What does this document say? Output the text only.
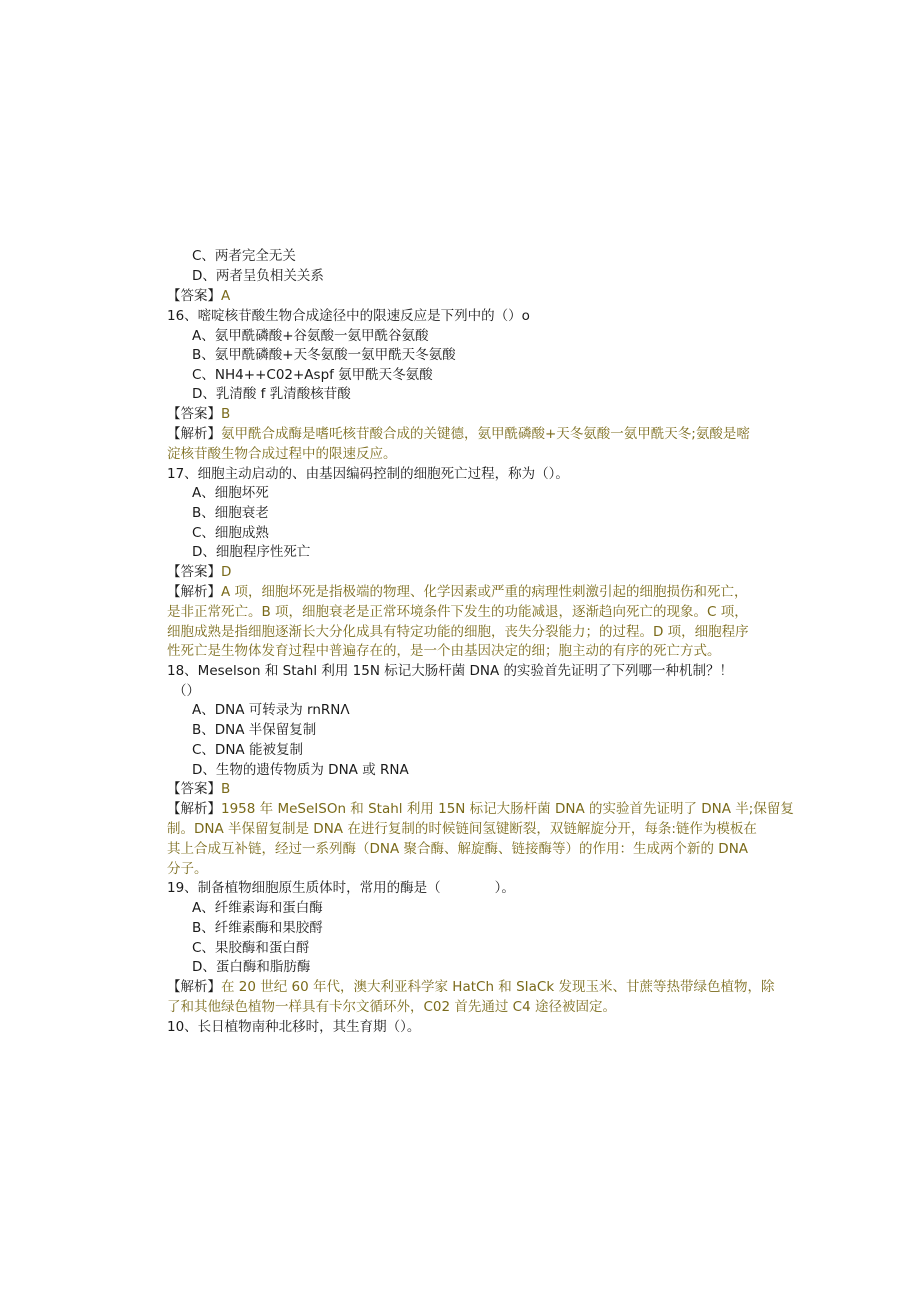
C、两者完全无关
D、两者呈负相关关系
【答案】A
16、嘧啶核苷酸生物合成途径中的限速反应是下列中的（）o
A、氨甲酰磷酸+谷氨酸一氨甲酰谷氨酸
B、氨甲酰磷酸+天冬氨酸一氨甲酰天冬氨酸
C、NH4++C02+Aspf 氨甲酰天冬氨酸
D、乳清酸 f 乳清酸核苷酸
【答案】B
【解析】氨甲酰合成酶是嗜吒核苷酸合成的关键德，氨甲酰磷酸+天冬氨酸一氨甲酰天冬;氨酸是嘧
淀核苷酸生物合成过程中的限速反应。
17、细胞主动启动的、由基因编码控制的细胞死亡过程，称为（）。
A、细胞坏死
B、细胞衰老
C、细胞成熟
D、细胞程序性死亡
【答案】D
【解析】A 项，细胞坏死是指极端的物理、化学因素或严重的病理性刺激引起的细胞损伤和死亡，
是非正常死亡。B 项，细胞衰老是正常环境条件下发生的功能减退，逐渐趋向死亡的现象。C 项，
细胞成熟是指细胞逐渐长大分化成具有特定功能的细胞，丧失分裂能力；的过程。D 项，细胞程序
性死亡是生物体发育过程中普遍存在的，是一个由基因决定的细；胞主动的有序的死亡方式。
18、Meselson 和 Stahl 利用 15N 标记大肠杆菌 DNA 的实验首先证明了下列哪一种机制？！
（）
A、DNA 可转录为 rnRNΛ
B、DNA 半保留复制
C、DNA 能被复制
D、生物的遗传物质为 DNA 或 RNA
【答案】B
【解析】1958 年 MeSeISOn 和 Stahl 利用 15N 标记大肠杆菌 DNA 的实验首先证明了 DNA 半;保留复
制。DNA 半保留复制是 DNA 在进行复制的时候链间氢键断裂，双链解旋分开，每条:链作为模板在
其上合成互补链，经过一系列酶（DNA 聚合酶、解旋酶、链接酶等）的作用：生成两个新的 DNA
分子。
19、制备植物细胞原生质体时，常用的酶是（　　　　）。
A、纤维素诲和蛋白酶
B、纤维素酶和果胶酹
C、果胶酶和蛋白酹
D、蛋白酶和脂肪酶
【解析】在 20 世纪 60 年代，澳大利亚科学家 HatCh 和 SIaCk 发现玉米、甘蔗等热带绿色植物，除
了和其他绿色植物一样具有卡尔文循环外，C02 首先通过 C4 途径被固定。
10、长日植物南种北移时，其生育期（）。
